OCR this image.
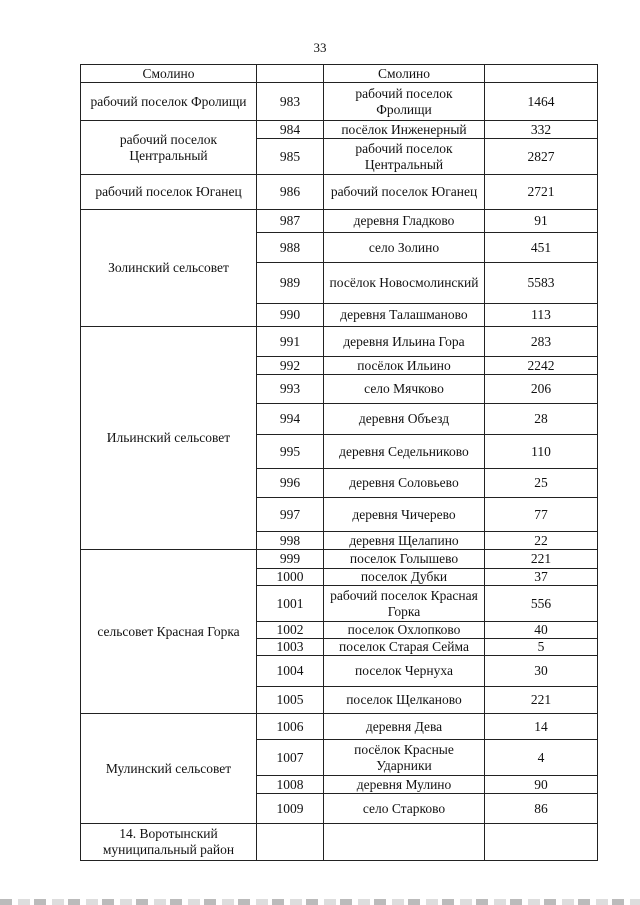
33
Смолино		Смолино	
рабочий поселок Фролищи	983	рабочий поселок Фролищи	1464
рабочий поселок Центральный	984	посёлок Инженерный	332
	985	рабочий поселок Центральный	2827
рабочий поселок Юганец	986	рабочий поселок Юганец	2721
Золинский сельсовет	987	деревня Гладково	91
	988	село Золино	451
	989	посёлок Новосмолинский	5583
	990	деревня Талашманово	113
Ильинский сельсовет	991	деревня Ильина Гора	283
	992	посёлок Ильино	2242
	993	село Мячково	206
	994	деревня Объезд	28
	995	деревня Седельниково	110
	996	деревня Соловьево	25
	997	деревня Чичерево	77
	998	деревня Щелапино	22
сельсовет Красная Горка	999	поселок Голышево	221
	1000	поселок Дубки	37
	1001	рабочий поселок Красная Горка	556
	1002	поселок Охлопково	40
	1003	поселок Старая Сейма	5
	1004	поселок Чернуха	30
	1005	поселок Щелканово	221
Мулинский сельсовет	1006	деревня Дева	14
	1007	посёлок Красные Ударники	4
	1008	деревня Мулино	90
	1009	село Старково	86
14. Воротынский муниципальный район			
